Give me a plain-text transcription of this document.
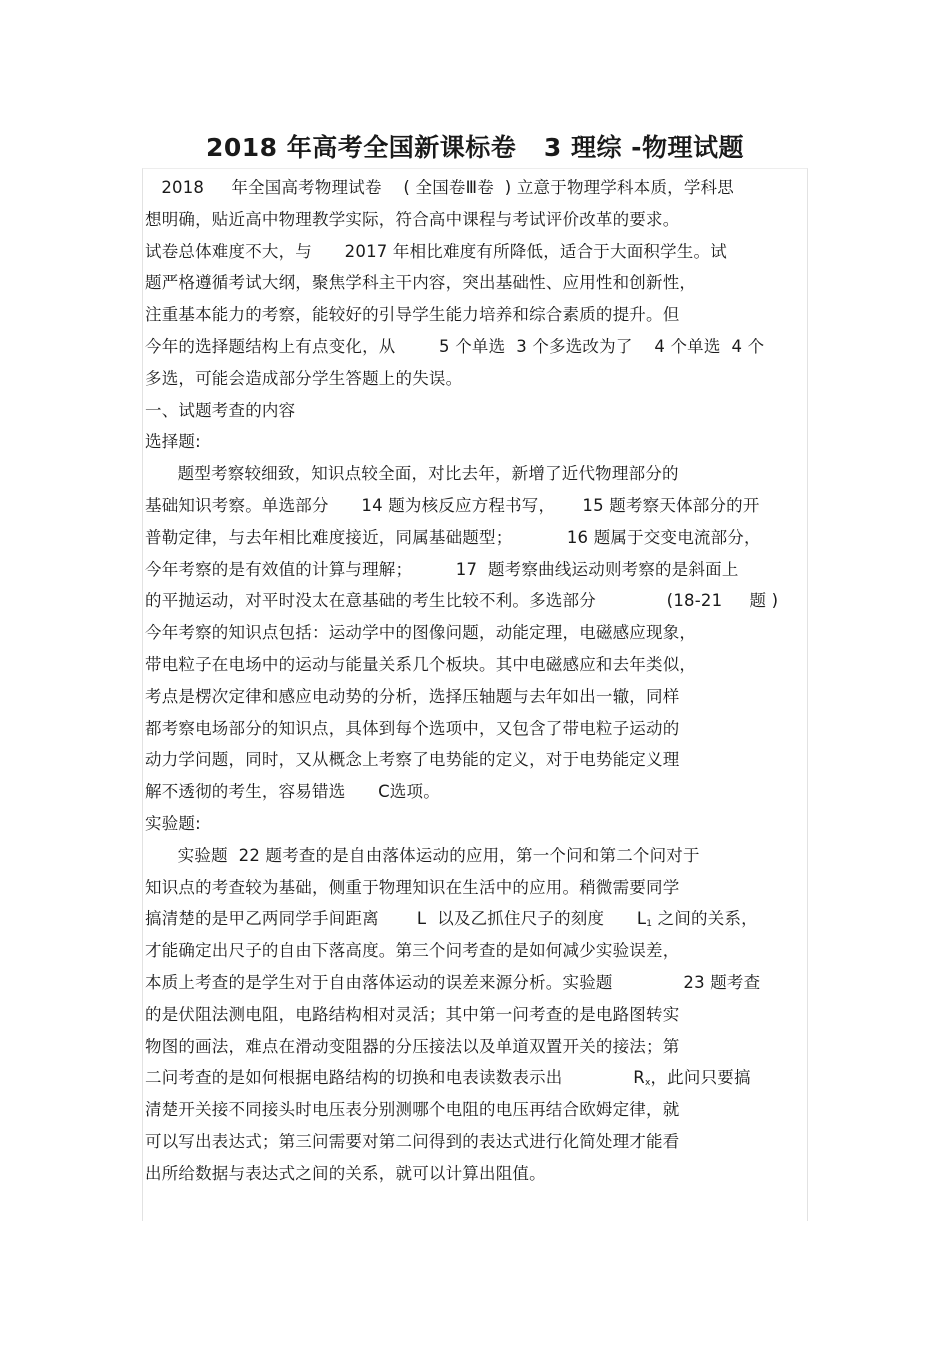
2018 年高考全国新课标卷   3 理综 -物理试题
2018     年全国高考物理试卷    ( 全国卷Ⅲ卷  ) 立意于物理学科本质，学科思
想明确，贴近高中物理教学实际，符合高中课程与考试评价改革的要求。
试卷总体难度不大，与      2017 年相比难度有所降低，适合于大面积学生。试
题严格遵循考试大纲，聚焦学科主干内容，突出基础性、应用性和创新性，
注重基本能力的考察，能较好的引导学生能力培养和综合素质的提升。但
今年的选择题结构上有点变化，从        5 个单选  3 个多选改为了    4 个单选  4 个
多选，可能会造成部分学生答题上的失误。
一、试题考查的内容
选择题:
题型考察较细致，知识点较全面，对比去年，新增了近代物理部分的
基础知识考察。单选部分      14 题为核反应方程书写，     15 题考察天体部分的开
普勒定律，与去年相比难度接近，同属基础题型；          16 题属于交变电流部分，
今年考察的是有效值的计算与理解；        17  题考察曲线运动则考察的是斜面上
的平抛运动，对平时没太在意基础的考生比较不利。多选部分             (18-21     题 )
今年考察的知识点包括：运动学中的图像问题，动能定理，电磁感应现象，
带电粒子在电场中的运动与能量关系几个板块。其中电磁感应和去年类似，
考点是楞次定律和感应电动势的分析，选择压轴题与去年如出一辙，同样
都考察电场部分的知识点，具体到每个选项中，又包含了带电粒子运动的
动力学问题，同时，又从概念上考察了电势能的定义，对于电势能定义理
解不透彻的考生，容易错选      C选项。
实验题:
实验题  22 题考查的是自由落体运动的应用，第一个问和第二个问对于
知识点的考查较为基础，侧重于物理知识在生活中的应用。稍微需要同学
搞清楚的是甲乙两同学手间距离       L  以及乙抓住尺子的刻度      $L_1$ 之间的关系，
才能确定出尺子的自由下落高度。第三个问考查的是如何减少实验误差，
本质上考查的是学生对于自由落体运动的误差来源分析。实验题             23 题考查
的是伏阻法测电阻，电路结构相对灵活；其中第一问考查的是电路图转实
物图的画法，难点在滑动变阻器的分压接法以及单道双置开关的接法；第
二问考查的是如何根据电路结构的切换和电表读数表示出             $R_x$，此问只要搞
清楚开关接不同接头时电压表分别测哪个电阻的电压再结合欧姆定律，就
可以写出表达式；第三问需要对第二问得到的表达式进行化简处理才能看
出所给数据与表达式之间的关系，就可以计算出阻值。
